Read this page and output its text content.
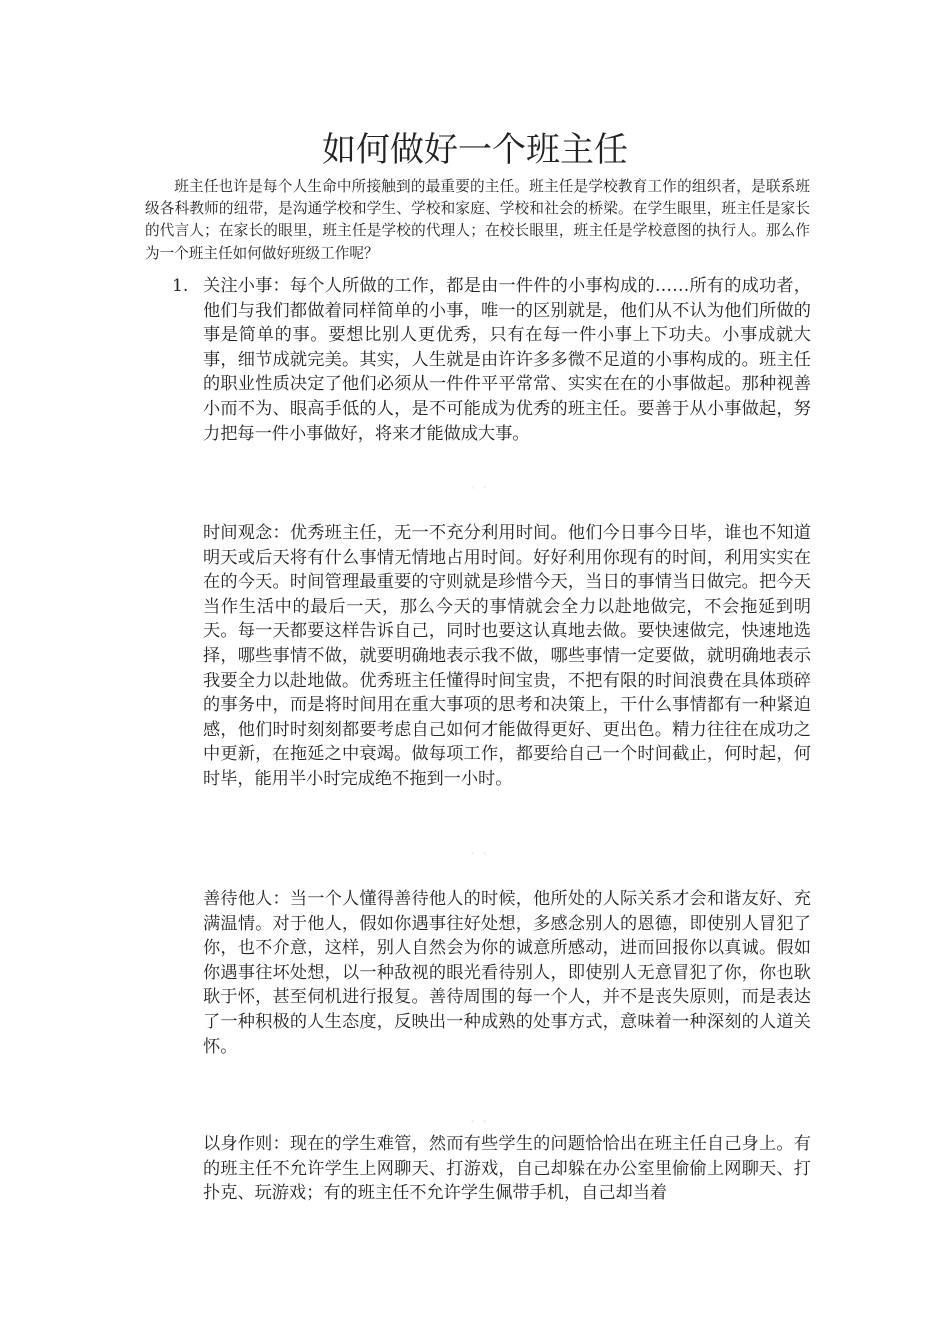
如何做好一个班主任

班主任也许是每个人生命中所接触到的最重要的主任。班主任是学校教育工作的组织者，是联系班级各科教师的纽带，是沟通学校和学生、学校和家庭、学校和社会的桥梁。在学生眼里，班主任是家长的代言人；在家长的眼里，班主任是学校的代理人；在校长眼里，班主任是学校意图的执行人。那么作为一个班主任如何做好班级工作呢？

1. 关注小事：每个人所做的工作，都是由一件件的小事构成的……所有的成功者，他们与我们都做着同样简单的小事，唯一的区别就是，他们从不认为他们所做的事是简单的事。要想比别人更优秀，只有在每一件小事上下功夫。小事成就大事，细节成就完美。其实，人生就是由许许多多微不足道的小事构成的。班主任的职业性质决定了他们必须从一件件平平常常、实实在在的小事做起。那种视善小而不为、眼高手低的人，是不可能成为优秀的班主任。要善于从小事做起，努力把每一件小事做好，将来才能做成大事。

• •

时间观念：优秀班主任，无一不充分利用时间。他们今日事今日毕，谁也不知道明天或后天将有什么事情无情地占用时间。好好利用你现有的时间，利用实实在在的今天。时间管理最重要的守则就是珍惜今天，当日的事情当日做完。把今天当作生活中的最后一天，那么今天的事情就会全力以赴地做完，不会拖延到明天。每一天都要这样告诉自己，同时也要这认真地去做。要快速做完，快速地选择，哪些事情不做，就要明确地表示我不做，哪些事情一定要做，就明确地表示我要全力以赴地做。优秀班主任懂得时间宝贵，不把有限的时间浪费在具体琐碎的事务中，而是将时间用在重大事项的思考和决策上，干什么事情都有一种紧迫感，他们时时刻刻都要考虑自己如何才能做得更好、更出色。精力往往在成功之中更新，在拖延之中衰竭。做每项工作，都要给自己一个时间截止，何时起，何时毕，能用半小时完成绝不拖到一小时。

• •

善待他人：当一个人懂得善待他人的时候，他所处的人际关系才会和谐友好、充满温情。对于他人，假如你遇事往好处想，多感念别人的恩德，即使别人冒犯了你，也不介意，这样，别人自然会为你的诚意所感动，进而回报你以真诚。假如你遇事往坏处想，以一种敌视的眼光看待别人，即使别人无意冒犯了你，你也耿耿于怀，甚至伺机进行报复。善待周围的每一个人，并不是丧失原则，而是表达了一种积极的人生态度，反映出一种成熟的处事方式，意味着一种深刻的人道关怀。

• •

以身作则：现在的学生难管，然而有些学生的问题恰恰出在班主任自己身上。有的班主任不允许学生上网聊天、打游戏，自己却躲在办公室里偷偷上网聊天、打扑克、玩游戏；有的班主任不允许学生佩带手机，自己却当着
